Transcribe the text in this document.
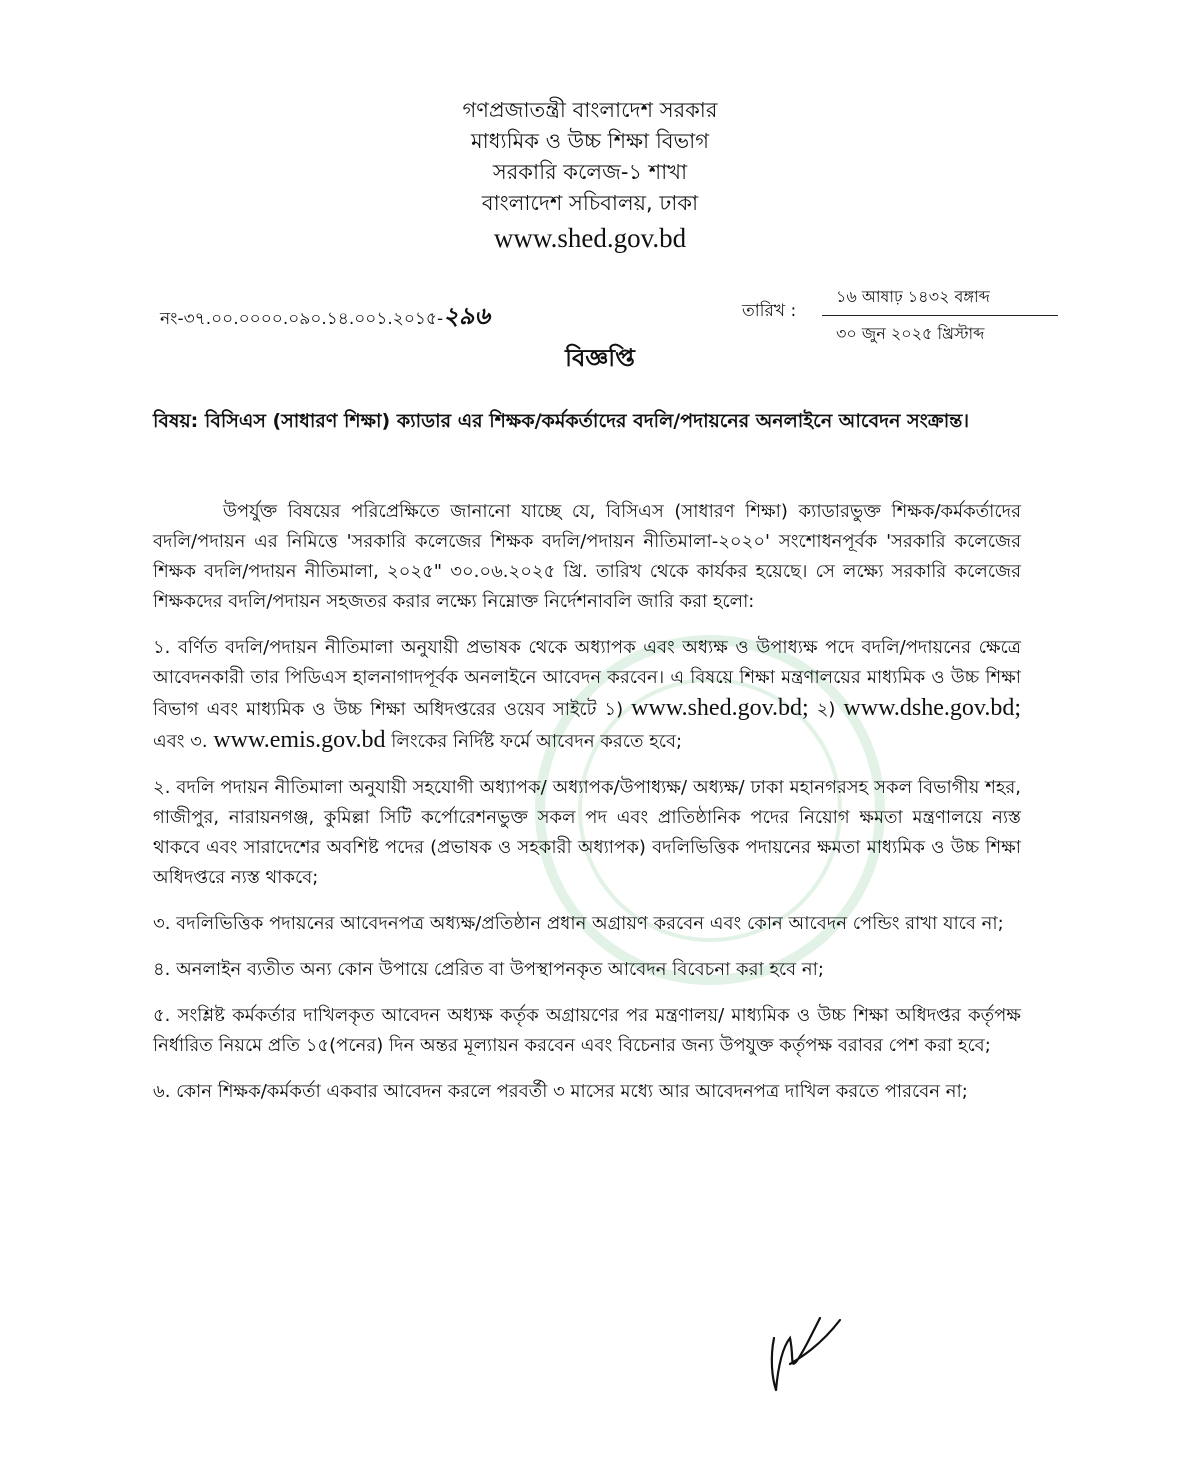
গণপ্রজাতন্ত্রী বাংলাদেশ সরকার
মাধ্যমিক ও উচ্চ শিক্ষা বিভাগ
সরকারি কলেজ-১ শাখা
বাংলাদেশ সচিবালয়, ঢাকা
www.shed.gov.bd
নং-৩৭.০০.০০০০.০৯০.১৪.০০১.২০১৫-২৯৬	তারিখ :
১৬ আষাঢ় ১৪৩২ বঙ্গাব্দ
৩০ জুন ২০২৫ খ্রিস্টাব্দ
বিজ্ঞপ্তি
বিষয়: বিসিএস (সাধারণ শিক্ষা) ক্যাডার এর শিক্ষক/কর্মকর্তাদের বদলি/পদায়নের অনলাইনে আবেদন সংক্রান্ত।

উপর্যুক্ত বিষয়ের পরিপ্রেক্ষিতে জানানো যাচ্ছে যে, বিসিএস (সাধারণ শিক্ষা) ক্যাডারভুক্ত শিক্ষক/কর্মকর্তাদের বদলি/পদায়ন এর নিমিত্তে 'সরকারি কলেজের শিক্ষক বদলি/পদায়ন নীতিমালা-২০২০' সংশোধনপূর্বক 'সরকারি কলেজের শিক্ষক বদলি/পদায়ন নীতিমালা, ২০২৫" ৩০.০৬.২০২৫ খ্রি. তারিখ থেকে কার্যকর হয়েছে। সে লক্ষ্যে সরকারি কলেজের শিক্ষকদের বদলি/পদায়ন সহজতর করার লক্ষ্যে নিম্নোক্ত নির্দেশনাবলি জারি করা হলো:

১. বর্ণিত বদলি/পদায়ন নীতিমালা অনুযায়ী প্রভাষক থেকে অধ্যাপক এবং অধ্যক্ষ ও উপাধ্যক্ষ পদে বদলি/পদায়নের ক্ষেত্রে আবেদনকারী তার পিডিএস হালনাগাদপূর্বক অনলাইনে আবেদন করবেন। এ বিষয়ে শিক্ষা মন্ত্রণালয়ের মাধ্যমিক ও উচ্চ শিক্ষা বিভাগ এবং মাধ্যমিক ও উচ্চ শিক্ষা অধিদপ্তরের ওয়েব সাইটে ১) www.shed.gov.bd; ২) www.dshe.gov.bd; এবং ৩. www.emis.gov.bd লিংকের নির্দিষ্ট ফর্মে আবেদন করতে হবে;

২. বদলি পদায়ন নীতিমালা অনুযায়ী সহযোগী অধ্যাপক/ অধ্যাপক/উপাধ্যক্ষ/ অধ্যক্ষ/ ঢাকা মহানগরসহ সকল বিভাগীয় শহর, গাজীপুর, নারায়নগঞ্জ, কুমিল্লা সিটি কর্পোরেশনভুক্ত সকল পদ এবং প্রাতিষ্ঠানিক পদের নিয়োগ ক্ষমতা মন্ত্রণালয়ে ন্যস্ত থাকবে এবং সারাদেশের অবশিষ্ট পদের (প্রভাষক ও সহকারী অধ্যাপক) বদলিভিত্তিক পদায়নের ক্ষমতা মাধ্যমিক ও উচ্চ শিক্ষা অধিদপ্তরে ন্যস্ত থাকবে;

৩. বদলিভিত্তিক পদায়নের আবেদনপত্র অধ্যক্ষ/প্রতিষ্ঠান প্রধান অগ্রায়ণ করবেন এবং কোন আবেদন পেন্ডিং রাখা যাবে না;

৪. অনলাইন ব্যতীত অন্য কোন উপায়ে প্রেরিত বা উপস্থাপনকৃত আবেদন বিবেচনা করা হবে না;

৫. সংশ্লিষ্ট কর্মকর্তার দাখিলকৃত আবেদন অধ্যক্ষ কর্তৃক অগ্রায়ণের পর মন্ত্রণালয়/ মাধ্যমিক ও উচ্চ শিক্ষা অধিদপ্তর কর্তৃপক্ষ নির্ধারিত নিয়মে প্রতি ১৫(পনের) দিন অন্তর মূল্যায়ন করবেন এবং বিচেনার জন্য উপযুক্ত কর্তৃপক্ষ বরাবর পেশ করা হবে;

৬. কোন শিক্ষক/কর্মকর্তা একবার আবেদন করলে পরবর্তী ৩ মাসের মধ্যে আর আবেদনপত্র দাখিল করতে পারবেন না;
